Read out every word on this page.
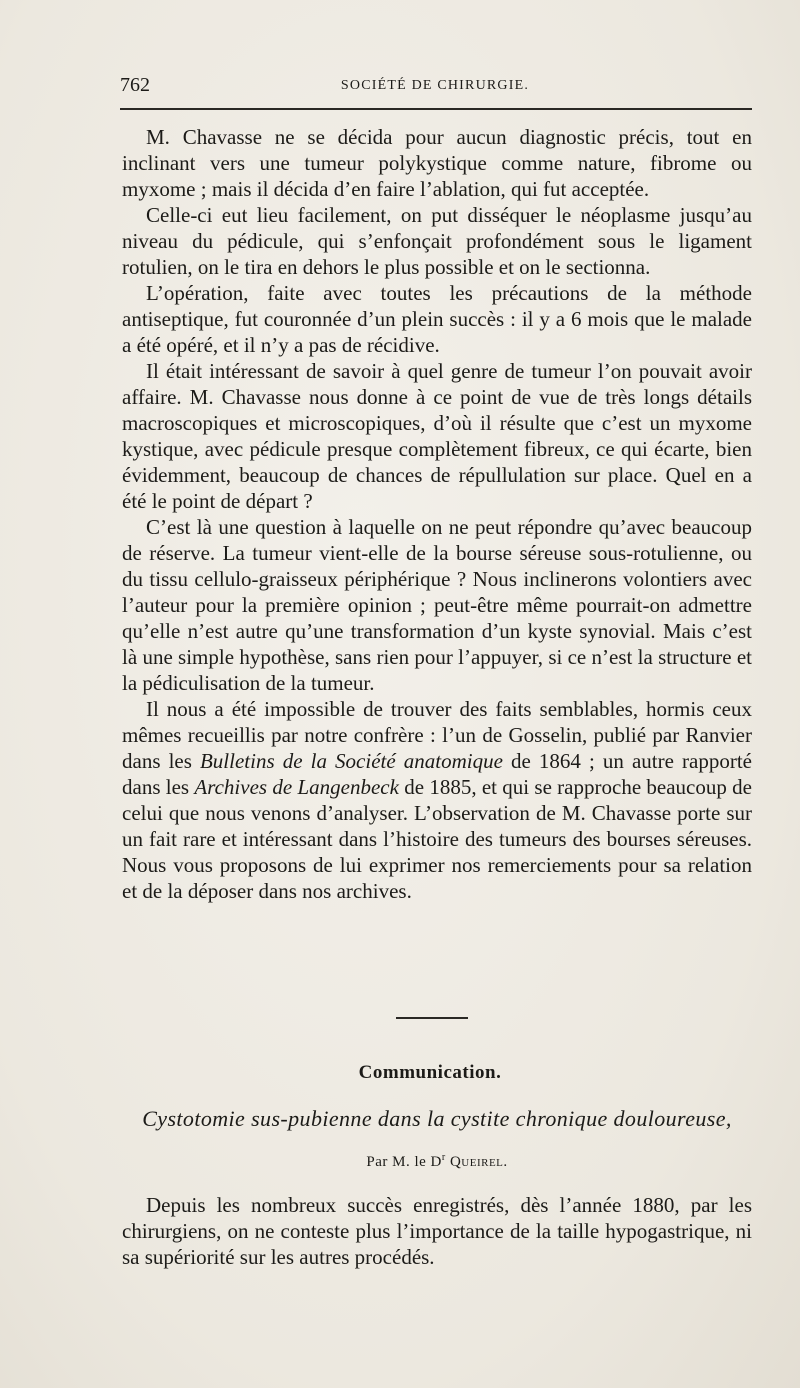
762	SOCIÉTÉ DE CHIRURGIE.

M. Chavasse ne se décida pour aucun diagnostic précis, tout en inclinant vers une tumeur polykystique comme nature, fibrome ou myxome ; mais il décida d’en faire l’ablation, qui fut acceptée.

Celle-ci eut lieu facilement, on put disséquer le néoplasme jusqu’au niveau du pédicule, qui s’enfonçait profondément sous le ligament rotulien, on le tira en dehors le plus possible et on le sectionna.

L’opération, faite avec toutes les précautions de la méthode antiseptique, fut couronnée d’un plein succès : il y a 6 mois que le malade a été opéré, et il n’y a pas de récidive.

Il était intéressant de savoir à quel genre de tumeur l’on pouvait avoir affaire. M. Chavasse nous donne à ce point de vue de très longs détails macroscopiques et microscopiques, d’où il résulte que c’est un myxome kystique, avec pédicule presque complètement fibreux, ce qui écarte, bien évidemment, beaucoup de chances de répullulation sur place. Quel en a été le point de départ ?

C’est là une question à laquelle on ne peut répondre qu’avec beaucoup de réserve. La tumeur vient-elle de la bourse séreuse sous-rotulienne, ou du tissu cellulo-graisseux périphérique ? Nous inclinerons volontiers avec l’auteur pour la première opinion ; peut-être même pourrait-on admettre qu’elle n’est autre qu’une transformation d’un kyste synovial. Mais c’est là une simple hypothèse, sans rien pour l’appuyer, si ce n’est la structure et la pédiculisation de la tumeur.

Il nous a été impossible de trouver des faits semblables, hormis ceux mêmes recueillis par notre confrère : l’un de Gosselin, publié par Ranvier dans les Bulletins de la Société anatomique de 1864 ; un autre rapporté dans les Archives de Langenbeck de 1885, et qui se rapproche beaucoup de celui que nous venons d’analyser. L’observation de M. Chavasse porte sur un fait rare et intéressant dans l’histoire des tumeurs des bourses séreuses. Nous vous proposons de lui exprimer nos remerciements pour sa relation et de la déposer dans nos archives.

Communication.
Cystotomie sus-pubienne dans la cystite chronique douloureuse,
Par M. le $D^r$ Queirel.

Depuis les nombreux succès enregistrés, dès l’année 1880, par les chirurgiens, on ne conteste plus l’importance de la taille hypogastrique, ni sa supériorité sur les autres procédés.
